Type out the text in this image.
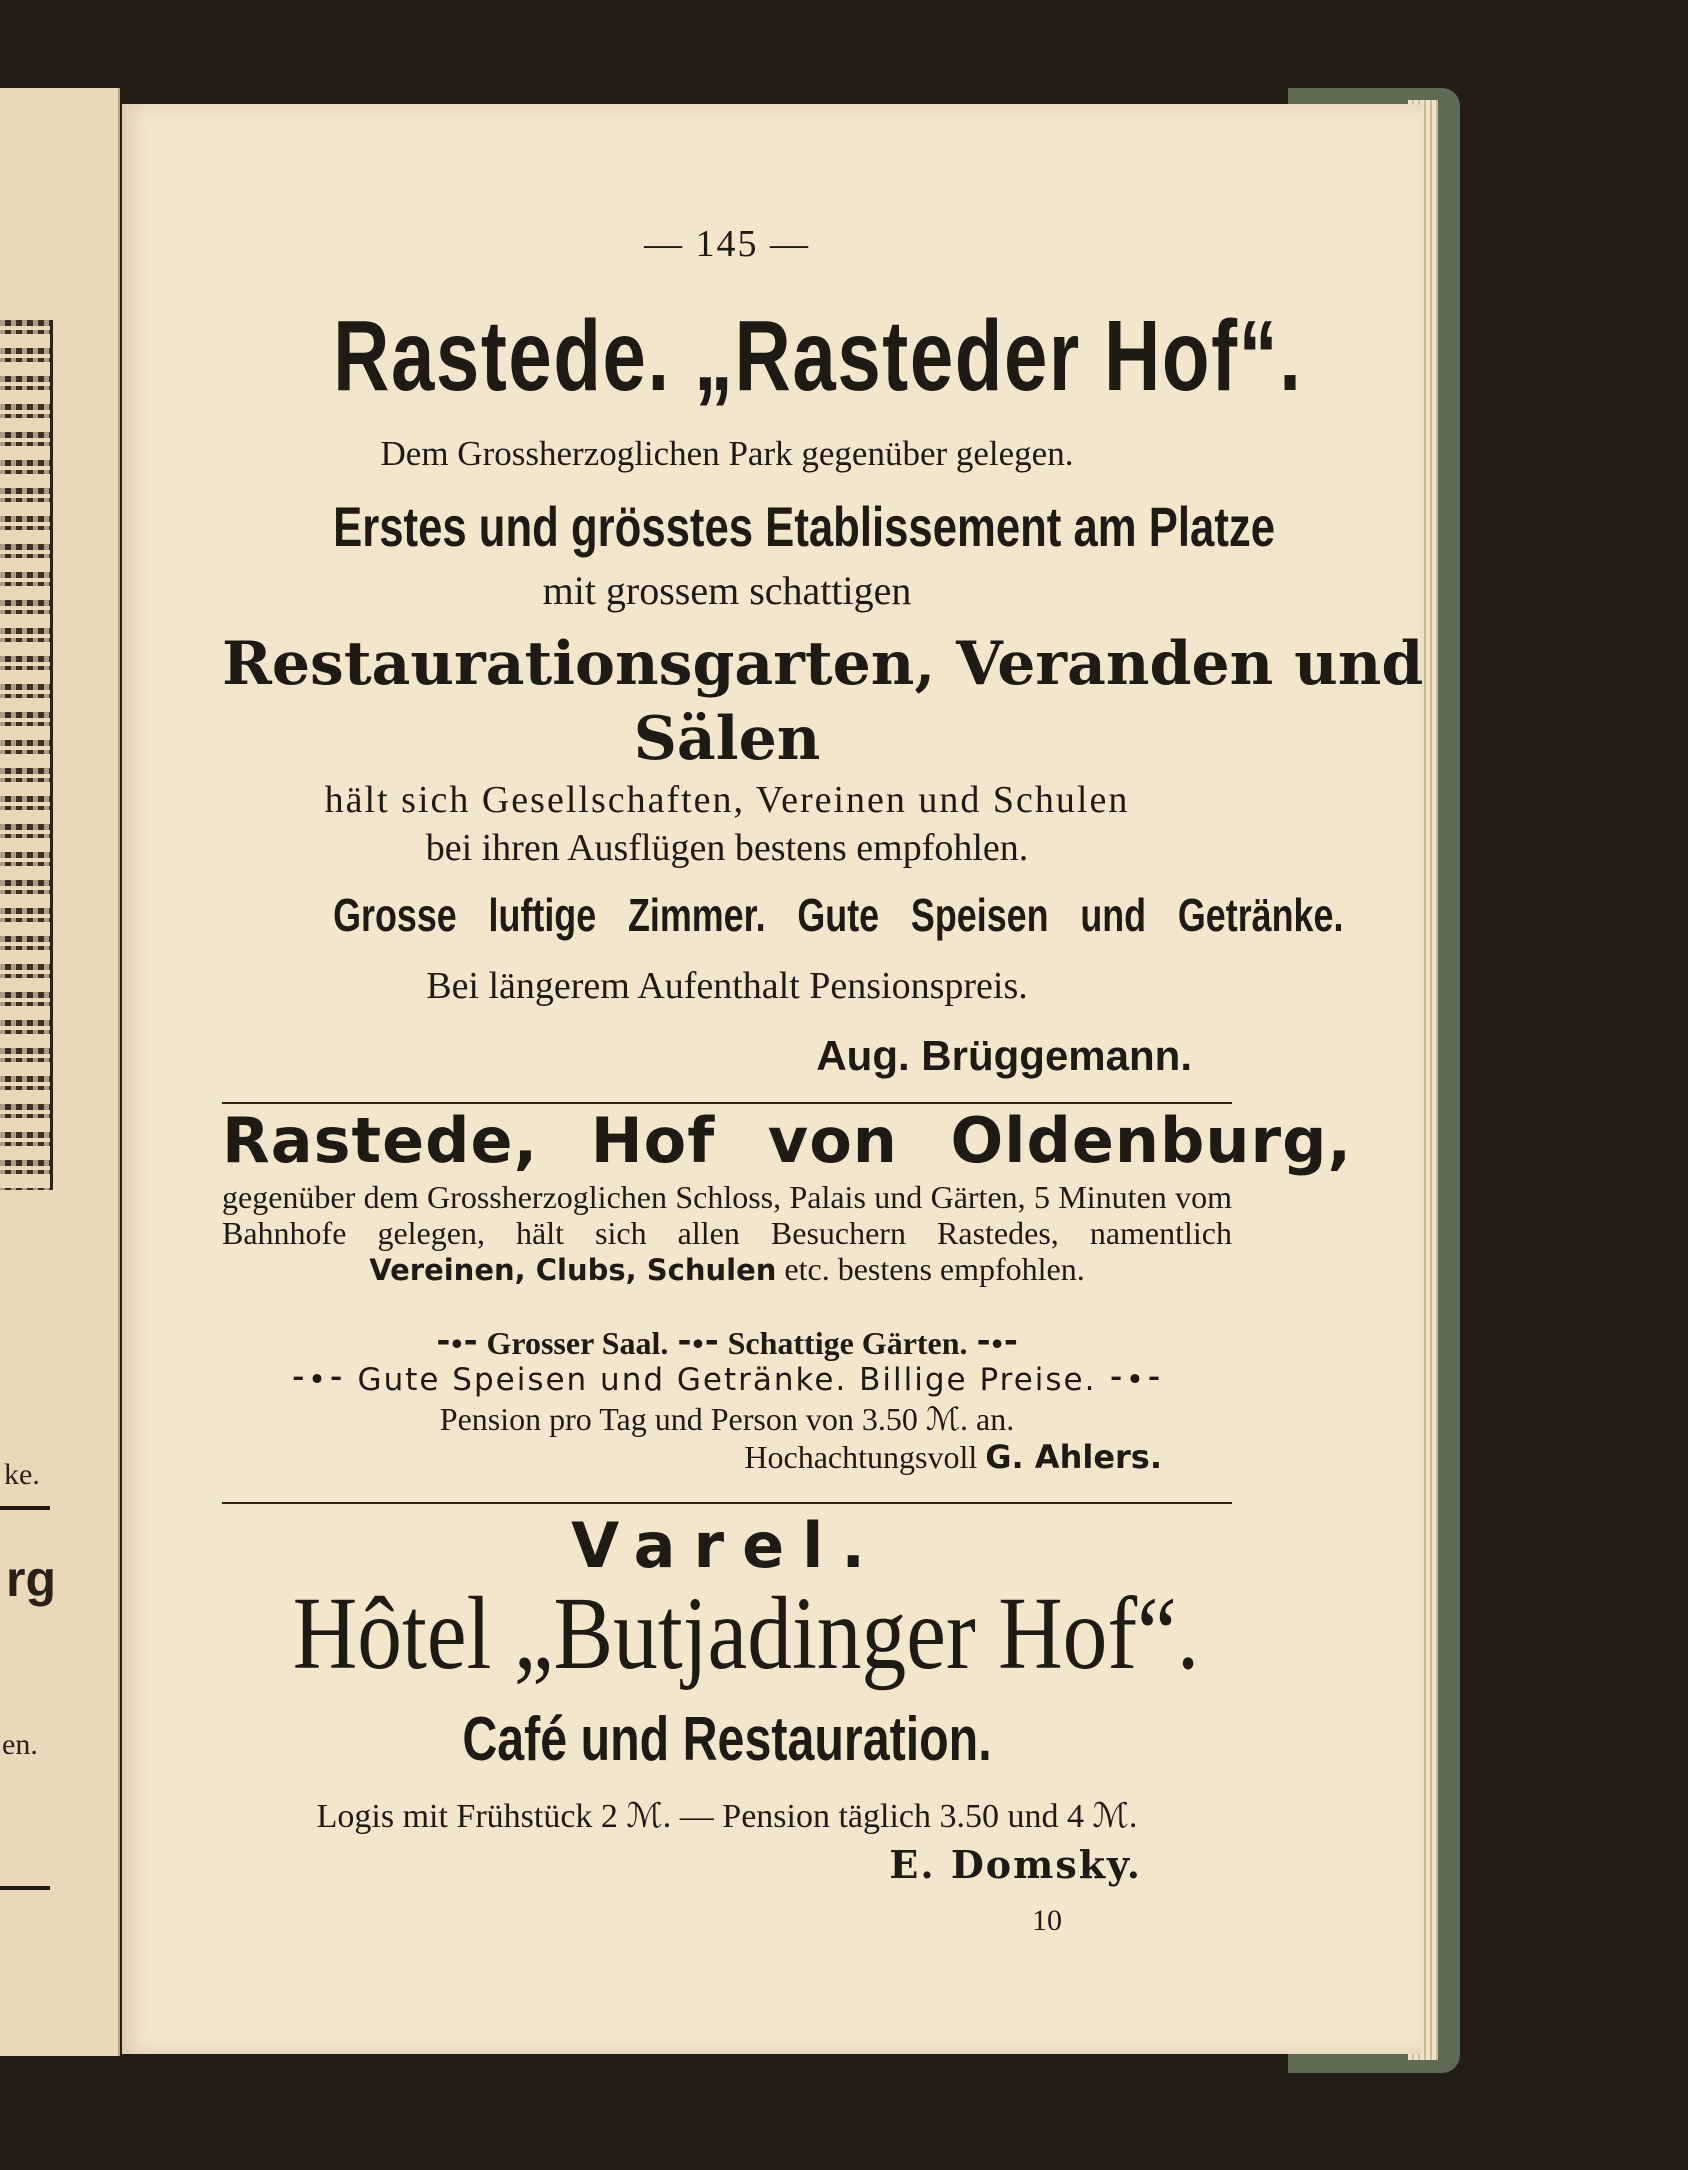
ke.
rg
en.
— 145 —
Rastede. „Rasteder Hof“.
Dem Grossherzoglichen Park gegenüber gelegen.
Erstes und grösstes Etablissement am Platze
mit grossem schattigen
Restaurationsgarten, Veranden und
Sälen
hält sich Gesellschaften, Vereinen und Schulen
bei ihren Ausflügen bestens empfohlen.
Grosse luftige Zimmer. Gute Speisen und Getränke.
Bei längerem Aufenthalt Pensionspreis.
Aug. Brüggemann.
Rastede, Hof von Oldenburg,
gegenüber dem Grossherzoglichen Schloss, Palais und Gärten, 5 Minuten vom Bahnhofe gelegen, hält sich allen Besuchern Rastedes, namentlich Vereinen, Clubs, Schulen etc. bestens empfohlen.
⁃•⁃ Grosser Saal. ⁃•⁃ Schattige Gärten. ⁃•⁃
⁃•⁃ Gute Speisen und Getränke. Billige Preise. ⁃•⁃
Pension pro Tag und Person von 3.50 ℳ. an.
Hochachtungsvoll G. Ahlers.
Varel.
Hôtel „Butjadinger Hof“.
Café und Restauration.
Logis mit Frühstück 2 ℳ. — Pension täglich 3.50 und 4 ℳ.
E. Domsky.
10
